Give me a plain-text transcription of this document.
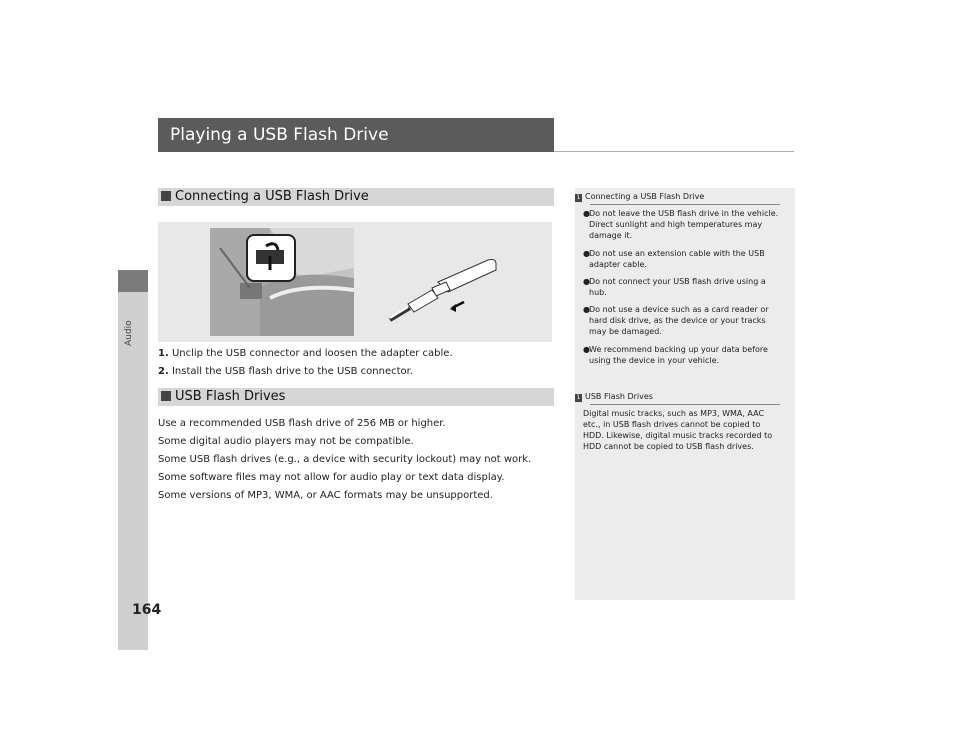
Audio
Playing a USB Flash Drive
Connecting a USB Flash Drive
1. Unclip the USB connector and loosen the adapter cable.
2. Install the USB flash drive to the USB connector.
USB Flash Drives
Use a recommended USB flash drive of 256 MB or higher.
Some digital audio players may not be compatible.
Some USB flash drives (e.g., a device with security lockout) may not work.
Some software files may not allow for audio play or text data display.
Some versions of MP3, WMA, or AAC formats may be unsupported.
1 Connecting a USB Flash Drive
●Do not leave the USB flash drive in the vehicle.
Direct sunlight and high temperatures may
damage it.
●Do not use an extension cable with the USB
adapter cable.
●Do not connect your USB flash drive using a
hub.
●Do not use a device such as a card reader or
hard disk drive, as the device or your tracks
may be damaged.
●We recommend backing up your data before
using the device in your vehicle.
1 USB Flash Drives
Digital music tracks, such as MP3, WMA, AAC
etc., in USB flash drives cannot be copied to
HDD. Likewise, digital music tracks recorded to
HDD cannot be copied to USB flash drives.
164
